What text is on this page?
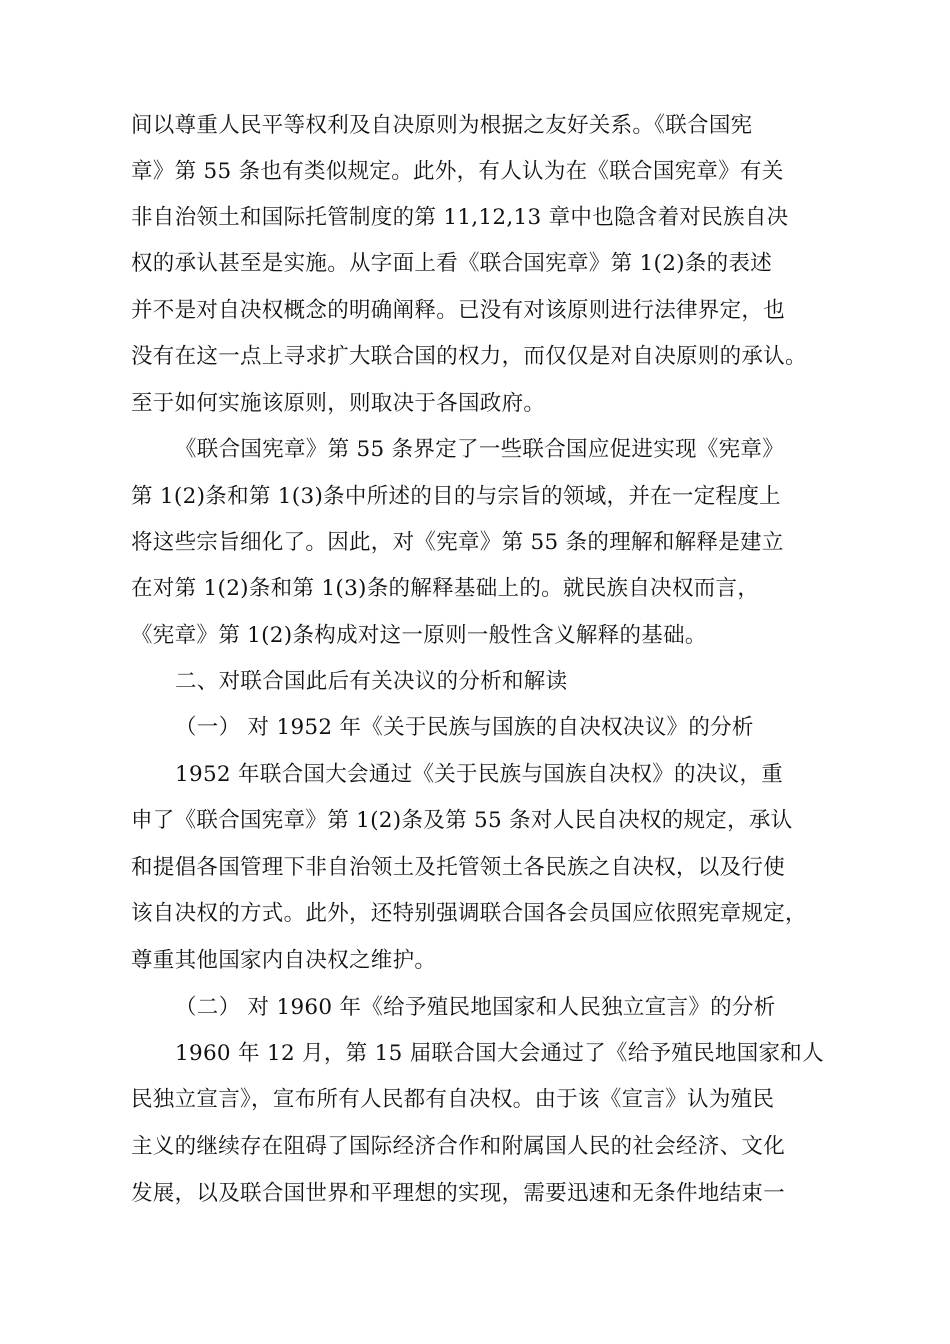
间以尊重人民平等权利及自决原则为根据之友好关系。《联合国宪
章》第 55 条也有类似规定。此外，有人认为在《联合国宪章》有关
非自治领土和国际托管制度的第 11,12,13 章中也隐含着对民族自决
权的承认甚至是实施。从字面上看《联合国宪章》第 1(2)条的表述
并不是对自决权概念的明确阐释。已没有对该原则进行法律界定，也
没有在这一点上寻求扩大联合国的权力，而仅仅是对自决原则的承认。
至于如何实施该原则，则取决于各国政府。
《联合国宪章》第 55 条界定了一些联合国应促进实现《宪章》
第 1(2)条和第 1(3)条中所述的目的与宗旨的领域，并在一定程度上
将这些宗旨细化了。因此，对《宪章》第 55 条的理解和解释是建立
在对第 1(2)条和第 1(3)条的解释基础上的。就民族自决权而言，
《宪章》第 1(2)条构成对这一原则一般性含义解释的基础。
二、对联合国此后有关决议的分析和解读
（一） 对 1952 年《关于民族与国族的自决权决议》的分析
1952 年联合国大会通过《关于民族与国族自决权》的决议，重
申了《联合国宪章》第 1(2)条及第 55 条对人民自决权的规定，承认
和提倡各国管理下非自治领土及托管领土各民族之自决权，以及行使
该自决权的方式。此外，还特别强调联合国各会员国应依照宪章规定，
尊重其他国家内自决权之维护。
（二） 对 1960 年《给予殖民地国家和人民独立宣言》的分析
1960 年 12 月，第 15 届联合国大会通过了《给予殖民地国家和人
民独立宣言》，宣布所有人民都有自决权。由于该《宣言》认为殖民
主义的继续存在阻碍了国际经济合作和附属国人民的社会经济、文化
发展，以及联合国世界和平理想的实现，需要迅速和无条件地结束一
